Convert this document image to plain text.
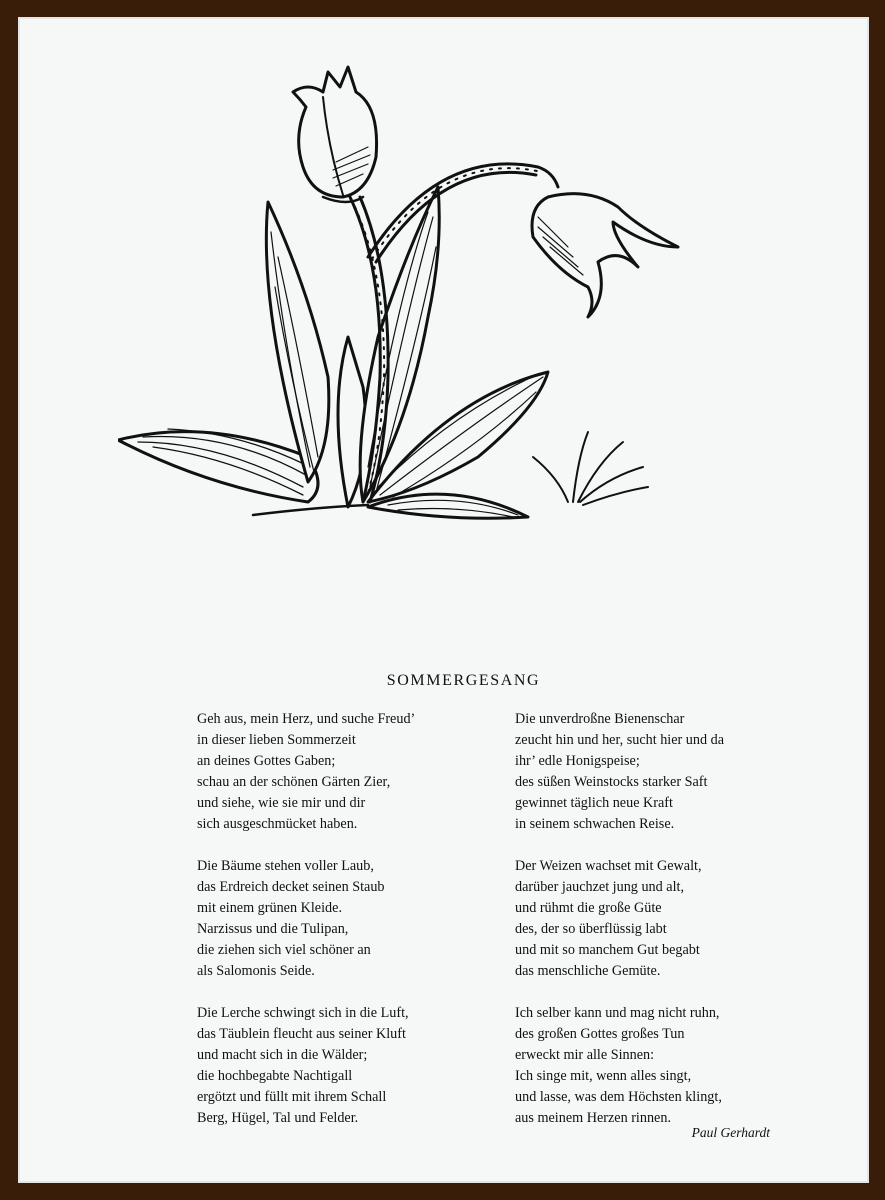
SOMMERGESANG
Geh aus, mein Herz, und suche Freud’
in dieser lieben Sommerzeit
an deines Gottes Gaben;
schau an der schönen Gärten Zier,
und siehe, wie sie mir und dir
sich ausgeschmücket haben.
Die Bäume stehen voller Laub,
das Erdreich decket seinen Staub
mit einem grünen Kleide.
Narzissus und die Tulipan,
die ziehen sich viel schöner an
als Salomonis Seide.
Die Lerche schwingt sich in die Luft,
das Täublein fleucht aus seiner Kluft
und macht sich in die Wälder;
die hochbegabte Nachtigall
ergötzt und füllt mit ihrem Schall
Berg, Hügel, Tal und Felder.
Die unverdroßne Bienenschar
zeucht hin und her, sucht hier und da
ihr’ edle Honigspeise;
des süßen Weinstocks starker Saft
gewinnet täglich neue Kraft
in seinem schwachen Reise.
Der Weizen wachset mit Gewalt,
darüber jauchzet jung und alt,
und rühmt die große Güte
des, der so überflüssig labt
und mit so manchem Gut begabt
das menschliche Gemüte.
Ich selber kann und mag nicht ruhn,
des großen Gottes großes Tun
erweckt mir alle Sinnen:
Ich singe mit, wenn alles singt,
und lasse, was dem Höchsten klingt,
aus meinem Herzen rinnen.
Paul Gerhardt
